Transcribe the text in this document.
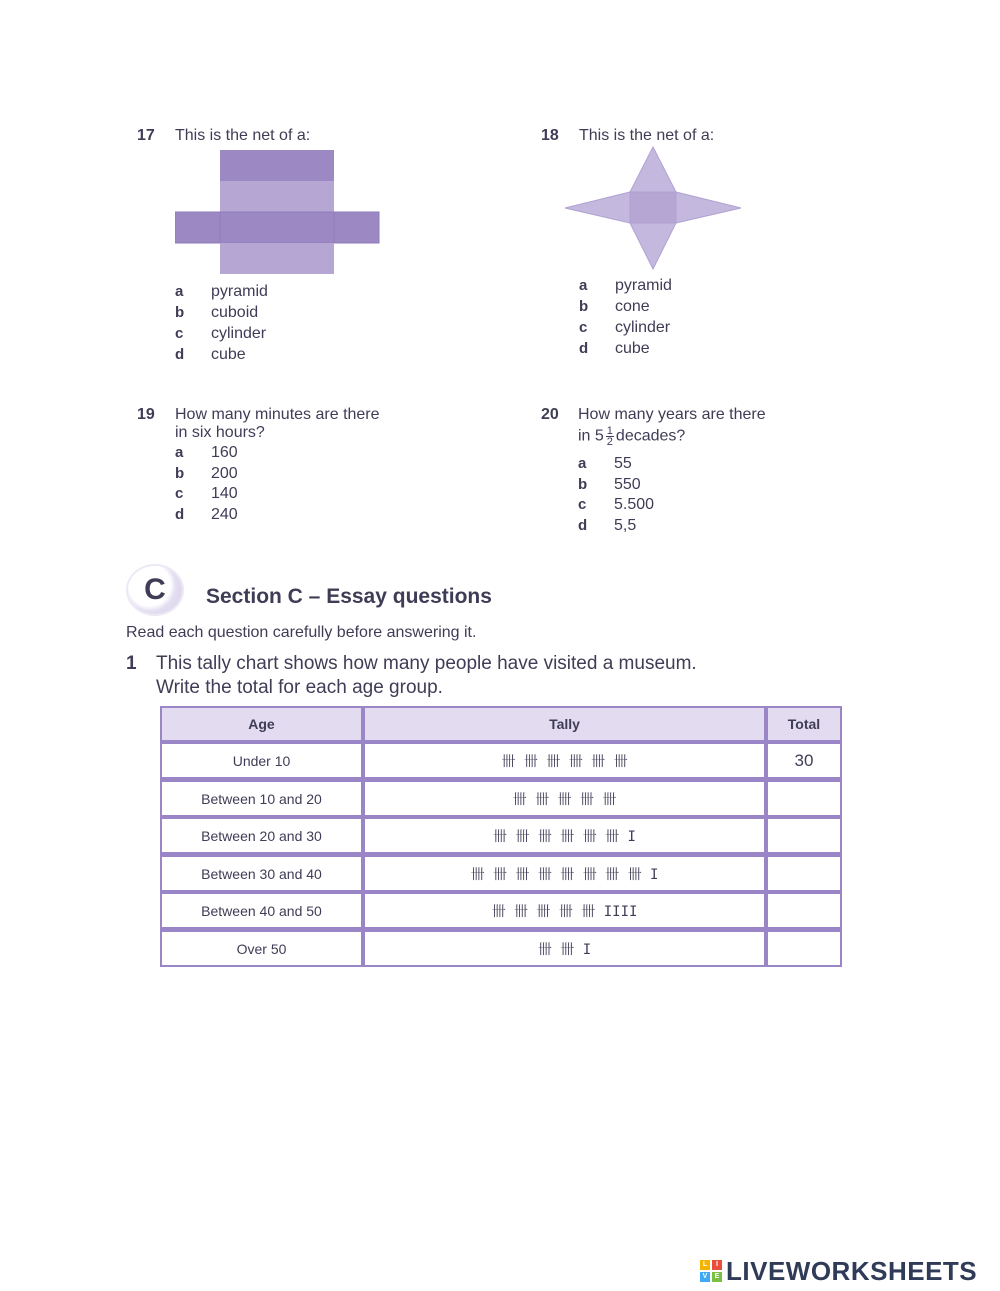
17 This is the net of a:
a pyramid
b cuboid
c cylinder
d cube
18 This is the net of a:
a pyramid
b cone
c cylinder
d cube
19 How many minutes are there
in six hours?
a 160
b 200
c 140
d 240
20 How many years are there
in $5 \frac{1}{2}$ decades?
a 55
b 550
c 5.500
d 5,5
C	Section C – Essay questions
Read each question carefully before answering it.
1 This tally chart shows how many people have visited a museum.
Write the total for each age group.
Age	Tally	Total
Under 10	卌 卌 卌 卌 卌 卌	30
Between 10 and 20	卌 卌 卌 卌 卌	
Between 20 and 30	卌 卌 卌 卌 卌 卌 I	
Between 30 and 40	卌 卌 卌 卌 卌 卌 卌 卌 I	
Between 40 and 50	卌 卌 卌 卌 卌 IIII	
Over 50	卌 卌 I	
L	I
V	E LIVEWORKSHEETS
